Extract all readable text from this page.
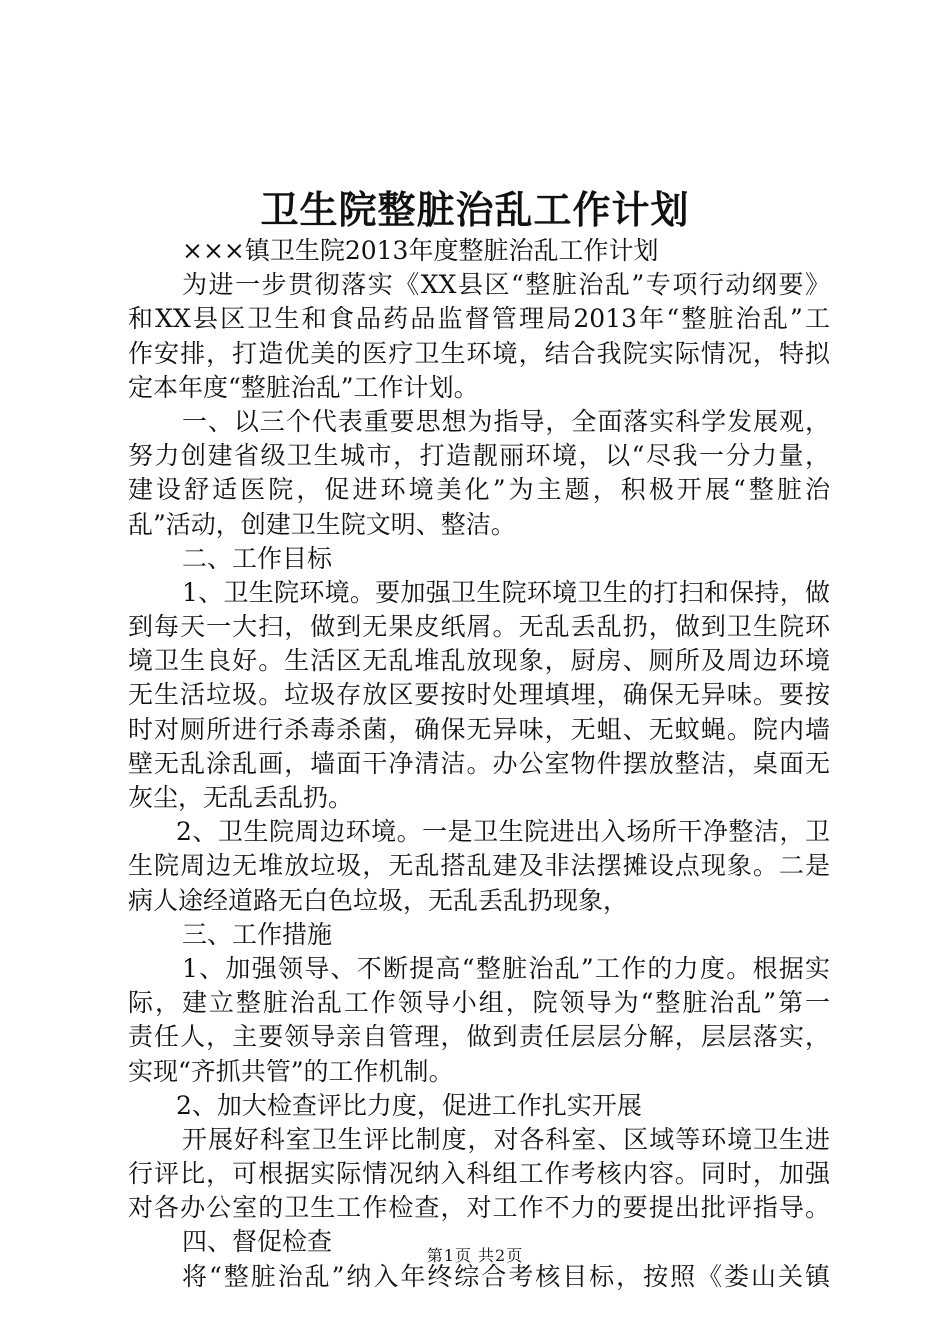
卫生院整脏治乱工作计划
×××镇卫生院2013年度整脏治乱工作计划
为进一步贯彻落实《XX县区“整脏治乱”专项行动纲要》
和XX县区卫生和食品药品监督管理局2013年“整脏治乱”工
作安排，打造优美的医疗卫生环境，结合我院实际情况，特拟
定本年度“整脏治乱”工作计划。
一、以三个代表重要思想为指导，全面落实科学发展观，
努力创建省级卫生城市，打造靓丽环境，以“尽我一分力量，
建设舒适医院，促进环境美化”为主题，积极开展“整脏治
乱”活动，创建卫生院文明、整洁。
二、工作目标
1、卫生院环境。要加强卫生院环境卫生的打扫和保持，做
到每天一大扫，做到无果皮纸屑。无乱丢乱扔，做到卫生院环
境卫生良好。生活区无乱堆乱放现象，厨房、厕所及周边环境
无生活垃圾。垃圾存放区要按时处理填埋，确保无异味。要按
时对厕所进行杀毒杀菌，确保无异味，无蛆、无蚊蝇。院内墙
壁无乱涂乱画，墙面干净清洁。办公室物件摆放整洁，桌面无
灰尘，无乱丢乱扔。
2、卫生院周边环境。一是卫生院进出入场所干净整洁，卫
生院周边无堆放垃圾，无乱搭乱建及非法摆摊设点现象。二是
病人途经道路无白色垃圾，无乱丢乱扔现象，
三、工作措施
1、加强领导、不断提高“整脏治乱”工作的力度。根据实
际，建立整脏治乱工作领导小组，院领导为“整脏治乱”第一
责任人，主要领导亲自管理，做到责任层层分解，层层落实，
实现“齐抓共管”的工作机制。
2、加大检查评比力度，促进工作扎实开展
开展好科室卫生评比制度，对各科室、区域等环境卫生进
行评比，可根据实际情况纳入科组工作考核内容。同时，加强
对各办公室的卫生工作检查，对工作不力的要提出批评指导。
四、督促检查
将“整脏治乱”纳入年终综合考核目标，按照《娄山关镇
第1页 共2页
